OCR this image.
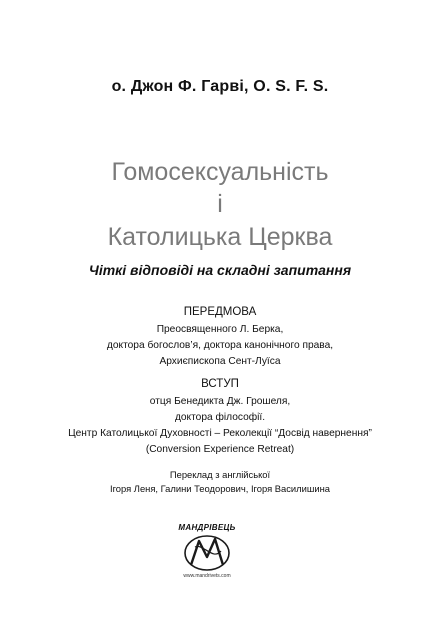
о. Джон Ф. Гарві, O. S. F. S.
Гомосексуальність
і
Католицька Церква
Чіткі відповіді на складні запитання
ПЕРЕДМОВА
Преосвященного Л. Берка,
доктора богослов’я, доктора канонічного права,
Архиєпископа Сент-Луїса
ВСТУП
отця Бенедикта Дж. Грошеля,
доктора філософії.
Центр Католицької Духовності – Реколекції “Досвід навернення”
(Conversion Experience Retreat)
Переклад з англійської
Ігоря Леня, Галини Теодорович, Ігоря Василишина
МАНДРІВЕЦЬ
www.mandrivets.com
